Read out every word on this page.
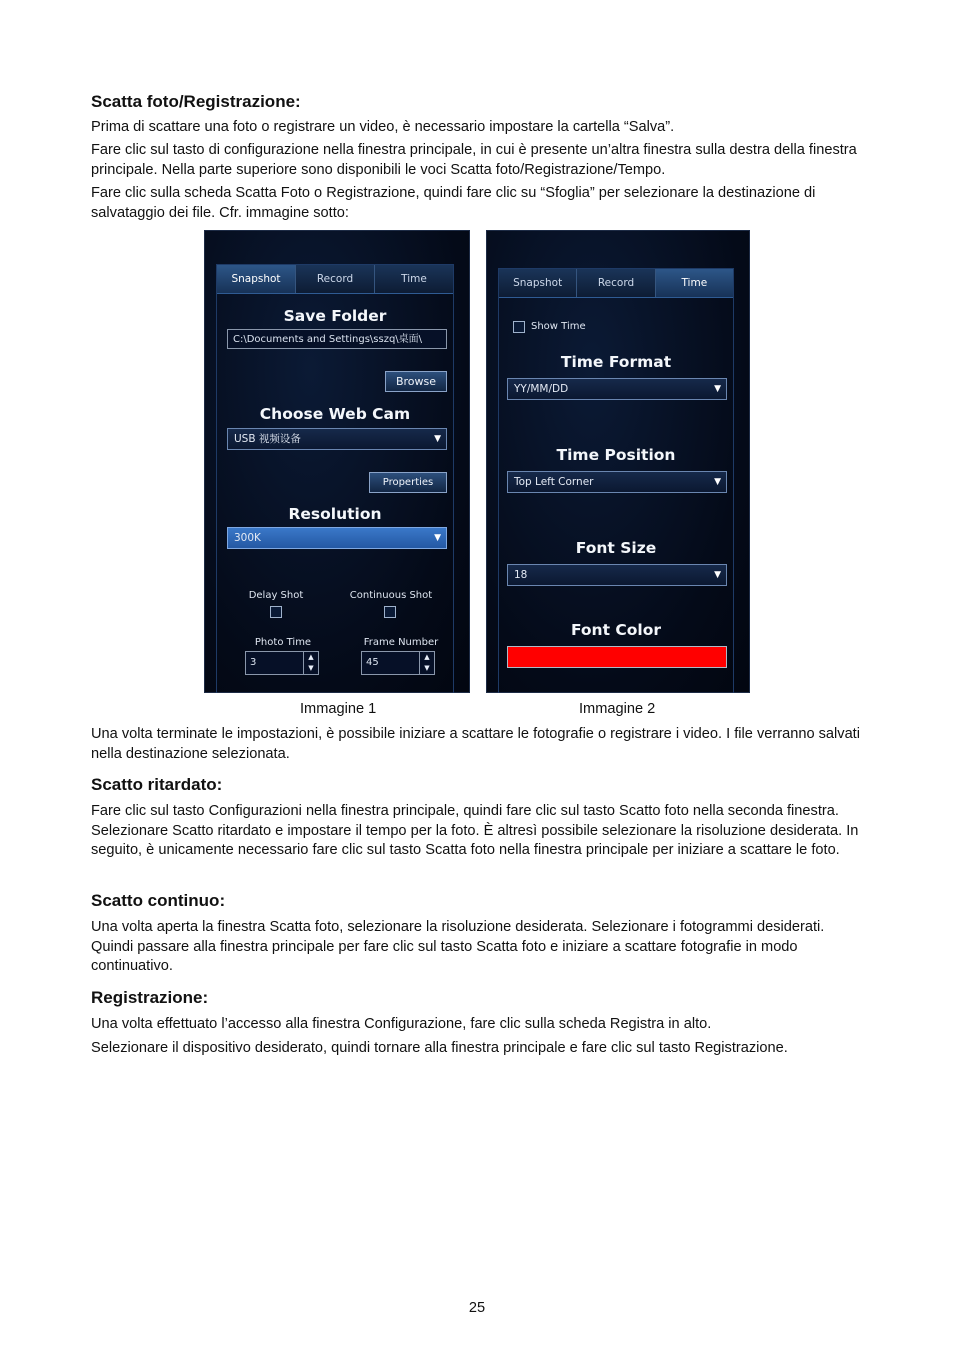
Scatta foto/Registrazione:

Prima di scattare una foto o registrare un video, è necessario impostare la cartella “Salva”.

Fare clic sul tasto di configurazione nella finestra principale, in cui è presente un’altra finestra sulla destra della finestra principale. Nella parte superiore sono disponibili le voci Scatta foto/Registrazione/Tempo.

Fare clic sulla scheda Scatta Foto o Registrazione, quindi fare clic su “Sfoglia” per selezionare la destinazione di salvataggio dei file. Cfr. immagine sotto:

Snapshot	Record	Time
Save Folder
C:\Documents and Settings\sszq\桌面\
Browse
Choose Web Cam
USB 视频设备	▼
Properties
Resolution
300K	▼
Delay Shot	Continuous Shot
Photo Time
3	▲
▼
Frame Number
45	▲
▼
Snapshot	Record	Time
Show Time
Time Format
YY/MM/DD	▼
Time Position
Top Left Corner	▼
Font Size
18	▼
Font Color
Immagine 1	Immagine 2

Una volta terminate le impostazioni, è possibile iniziare a scattare le fotografie o registrare i video. I file verranno salvati nella destinazione selezionata.

Scatto ritardato:

Fare clic sul tasto Configurazioni nella finestra principale, quindi fare clic sul tasto Scatto foto nella seconda finestra. Selezionare Scatto ritardato e impostare il tempo per la foto. È altresì possibile selezionare la risoluzione desiderata. In seguito, è unicamente necessario fare clic sul tasto Scatta foto nella finestra principale per iniziare a scattare le foto.

Scatto continuo:

Una volta aperta la finestra Scatta foto, selezionare la risoluzione desiderata. Selezionare i fotogrammi desiderati. Quindi passare alla finestra principale per fare clic sul tasto Scatta foto e iniziare a scattare fotografie in modo continuativo.

Registrazione:

Una volta effettuato l’accesso alla finestra Configurazione, fare clic sulla scheda Registra in alto.

Selezionare il dispositivo desiderato, quindi tornare alla finestra principale e fare clic sul tasto Registrazione.

25
